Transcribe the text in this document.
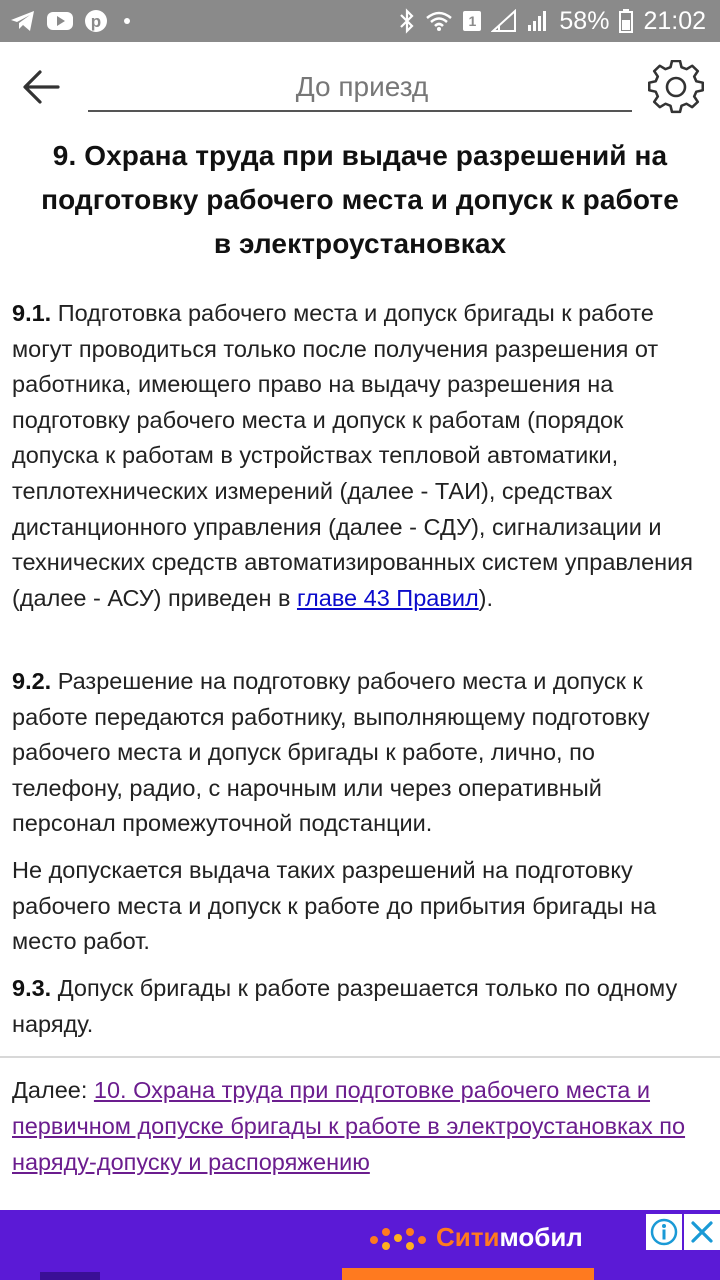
p	1	58% 21:02
До приезд
9. Охрана труда при выдаче разрешений на
подготовку рабочего места и допуск к работе
в электроустановках

9.1. Подготовка рабочего места и допуск бригады к работе могут проводиться только после получения разрешения от работника, имеющего право на выдачу разрешения на подготовку рабочего места и допуск к работам (порядок допуска к работам в устройствах тепловой автоматики, теплотехнических измерений (далее - ТАИ), средствах дистанционного управления (далее - СДУ), сигнализации и технических средств автоматизированных систем управления (далее - АСУ) приведен в главе 43 Правил).

9.2. Разрешение на подготовку рабочего места и допуск к работе передаются работнику, выполняющему подготовку рабочего места и допуск бригады к работе, лично, по телефону, радио, с нарочным или через оперативный персонал промежуточной подстанции.

Не допускается выдача таких разрешений на подготовку рабочего места и допуск к работе до прибытия бригады на место работ.

9.3. Допуск бригады к работе разрешается только по одному наряду.

Далее: 10. Охрана труда при подготовке рабочего места и первичном допуске бригады к работе в электроустановках по наряду-допуску и распоряжению

Ситимобил
